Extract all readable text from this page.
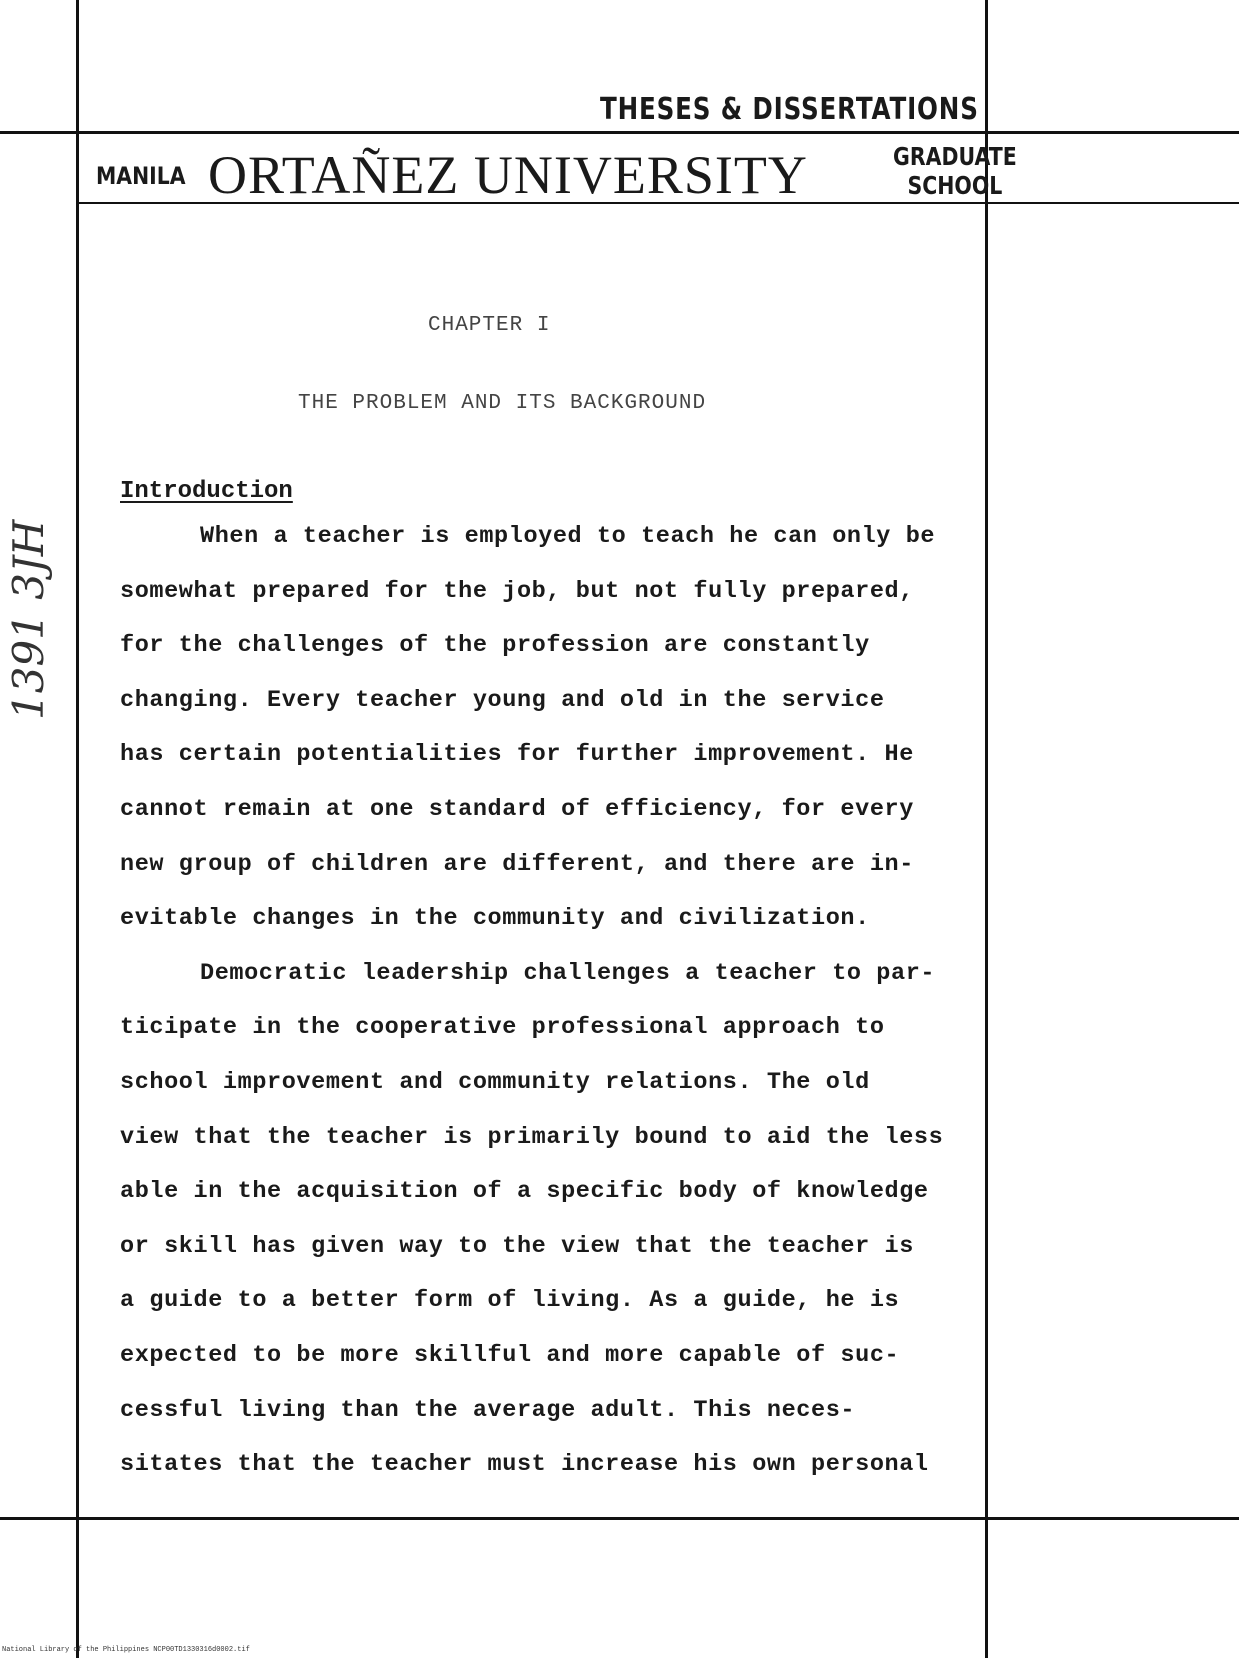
THESES & DISSERTATIONS
MANILA ORTAÑEZ UNIVERSITY	GRADUATE
SCHOOL
CHAPTER I
THE PROBLEM AND ITS BACKGROUND
Introduction
When a teacher is employed to teach he can only be
somewhat prepared for the job, but not fully prepared,
for the challenges of the profession are constantly
changing. Every teacher young and old in the service
has certain potentialities for further improvement. He
cannot remain at one standard of efficiency, for every
new group of children are different, and there are in-
evitable changes in the community and civilization.
Democratic leadership challenges a teacher to par-
ticipate in the cooperative professional approach to
school improvement and community relations. The old
view that the teacher is primarily bound to aid the less
able in the acquisition of a specific body of knowledge
or skill has given way to the view that the teacher is
a guide to a better form of living. As a guide, he is
expected to be more skillful and more capable of suc-
cessful living than the average adult. This neces-
sitates that the teacher must increase his own personal
1391 3JH
National Library of the Philippines NCP00TD1330316d0002.tif
